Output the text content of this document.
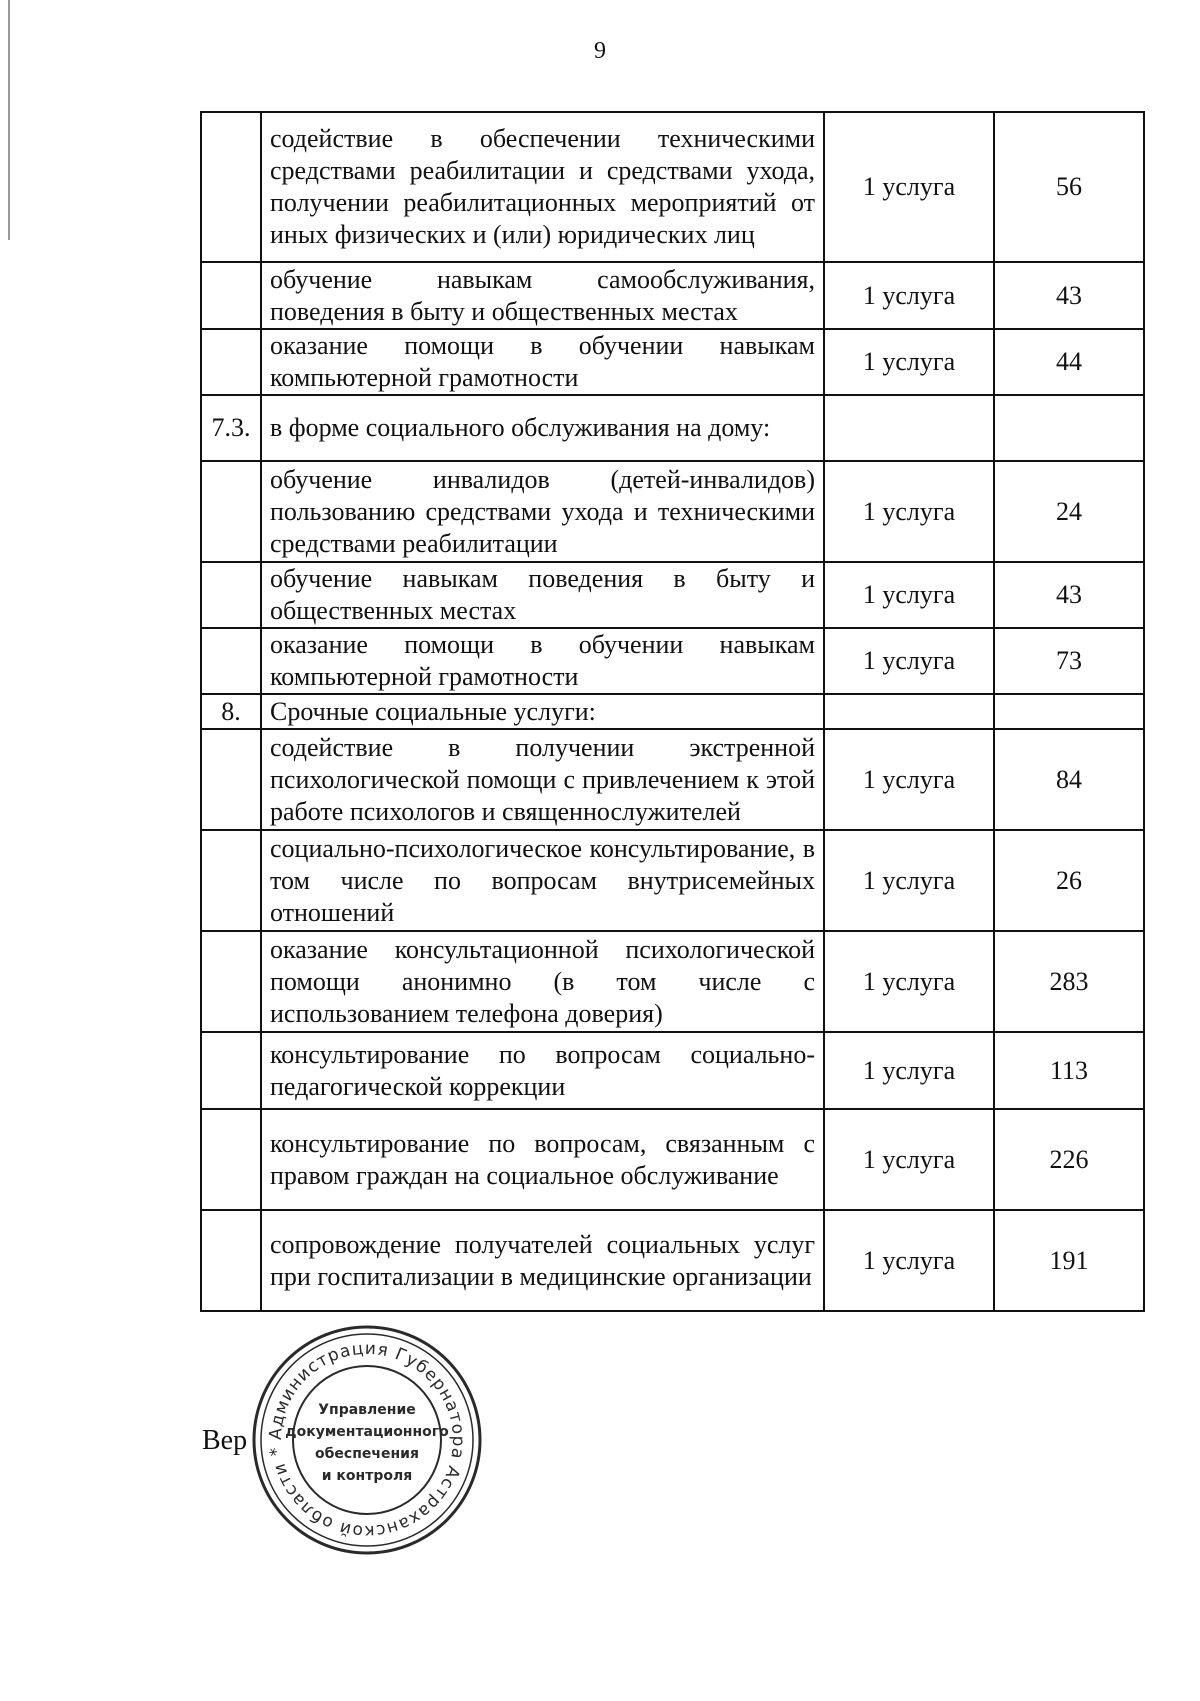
9
	содействие в обеспечении техническими средствами реабилитации и средствами ухода, получении реабилитационных мероприятий от иных физических и (или) юридических лиц	1 услуга	56
	обучение навыкам самообслуживания, поведения в быту и общественных местах	1 услуга	43
	оказание помощи в обучении навыкам компьютерной грамотности	1 услуга	44
7.3.	в форме социального обслуживания на дому:		
	обучение инвалидов (детей-инвалидов) пользованию средствами ухода и техническими средствами реабилитации	1 услуга	24
	обучение навыкам поведения в быту и общественных местах	1 услуга	43
	оказание помощи в обучении навыкам компьютерной грамотности	1 услуга	73
8.	Срочные социальные услуги:		
	содействие в получении экстренной психологической помощи с привлечением к этой работе психологов и священнослужителей	1 услуга	84
	социально-психологическое консультирование, в том числе по вопросам внутрисемейных отношений	1 услуга	26
	оказание консультационной психологической помощи анонимно (в том числе с использованием телефона доверия)	1 услуга	283
	консультирование по вопросам социально-педагогической коррекции	1 услуга	113
	консультирование по вопросам, связанным с правом граждан на социальное обслуживание	1 услуга	226
	сопровождение получателей социальных услуг при госпитализации в медицинские организации	1 услуга	191
Вер Администрация Губернатора Астраханской области *
Управление
документационного
обеспечения
и контроля
